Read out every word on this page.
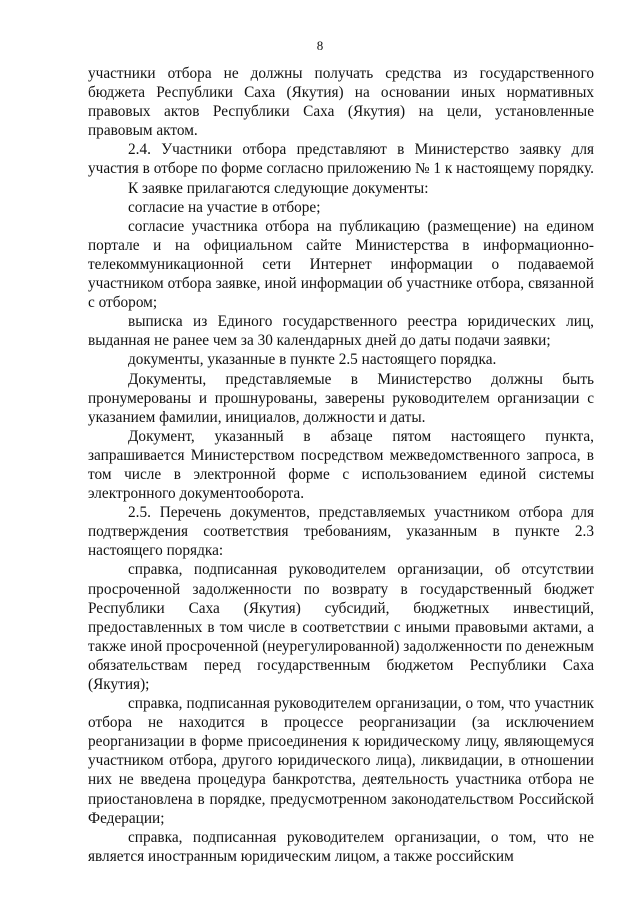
8

участники отбора не должны получать средства из государственного бюджета Республики Саха (Якутия) на основании иных нормативных правовых актов Республики Саха (Якутия) на цели, установленные правовым актом.

2.4. Участники отбора представляют в Министерство заявку для участия в отборе по форме согласно приложению № 1 к настоящему порядку.

К заявке прилагаются следующие документы:

согласие на участие в отборе;

согласие участника отбора на публикацию (размещение) на едином портале и на официальном сайте Министерства в информационно-телекоммуникационной сети Интернет информации о подаваемой участником отбора заявке, иной информации об участнике отбора, связанной с отбором;

выписка из Единого государственного реестра юридических лиц, выданная не ранее чем за 30 календарных дней до даты подачи заявки;

документы, указанные в пункте 2.5 настоящего порядка.

Документы, представляемые в Министерство должны быть пронумерованы и прошнурованы, заверены руководителем организации с указанием фамилии, инициалов, должности и даты.

Документ, указанный в абзаце пятом настоящего пункта, запрашивается Министерством посредством межведомственного запроса, в том числе в электронной форме с использованием единой системы электронного документооборота.

2.5. Перечень документов, представляемых участником отбора для подтверждения соответствия требованиям, указанным в пункте 2.3 настоящего порядка:

справка, подписанная руководителем организации, об отсутствии просроченной задолженности по возврату в государственный бюджет Республики Саха (Якутия) субсидий, бюджетных инвестиций, предоставленных в том числе в соответствии с иными правовыми актами, а также иной просроченной (неурегулированной) задолженности по денежным обязательствам перед государственным бюджетом Республики Саха (Якутия);

справка, подписанная руководителем организации, о том, что участник отбора не находится в процессе реорганизации (за исключением реорганизации в форме присоединения к юридическому лицу, являющемуся участником отбора, другого юридического лица), ликвидации, в отношении них не введена процедура банкротства, деятельность участника отбора не приостановлена в порядке, предусмотренном законодательством Российской Федерации;

справка, подписанная руководителем организации, о том, что не является иностранным юридическим лицом, а также российским
